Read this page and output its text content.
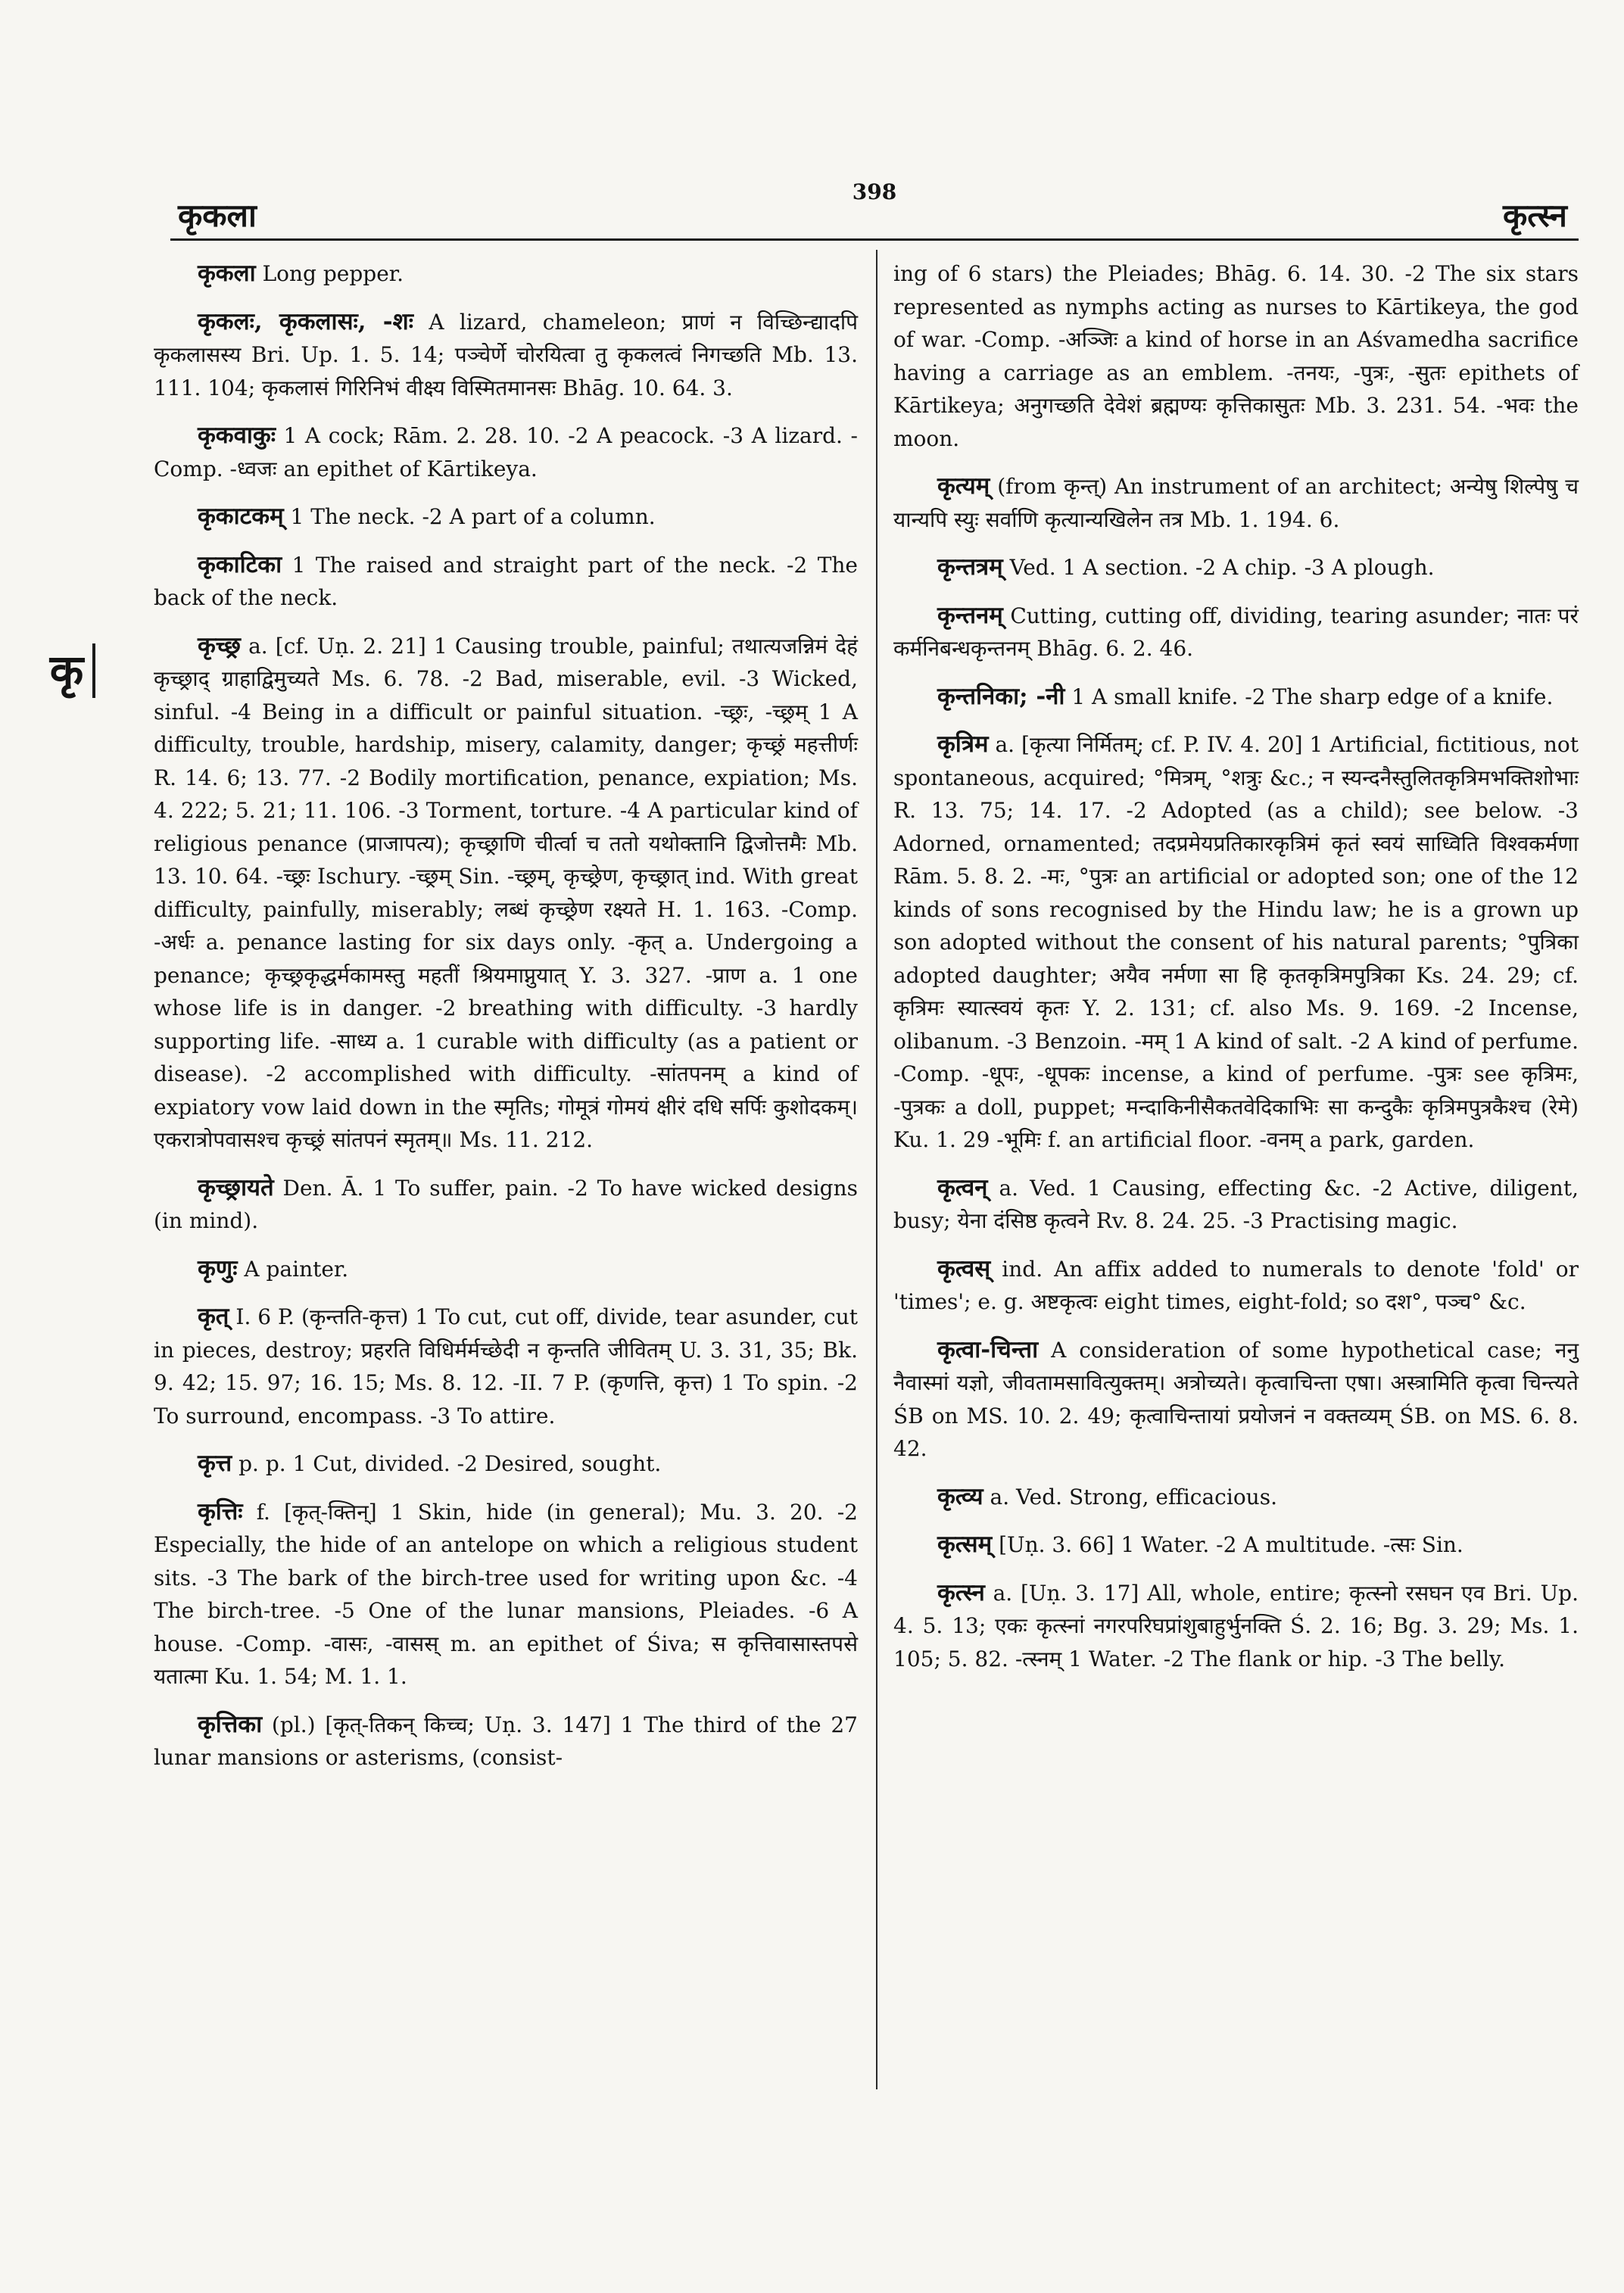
कृकला
398
कृत्स्न
कृ

कृकला Long pepper.

कृकलः, कृकलासः, -शः A lizard, chameleon; प्राणं न विच्छिन्द्यादपि कृकलासस्य Bri. Up. 1. 5. 14; पञ्चेर्णे चोरयित्वा तु कृकलत्वं निगच्छति Mb. 13. 111. 104; कृकलासं गिरिनिभं वीक्ष्य विस्मितमानसः Bhāg. 10. 64. 3.

कृकवाकुः 1 A cock; Rām. 2. 28. 10. -2 A peacock. -3 A lizard. -Comp. -ध्वजः an epithet of Kārtikeya.

कृकाटकम् 1 The neck. -2 A part of a column.

कृकाटिका 1 The raised and straight part of the neck. -2 The back of the neck.

कृच्छ्र a. [cf. Uṇ. 2. 21] 1 Causing trouble, painful; तथात्यजन्निमं देहं कृच्छ्राद् ग्राहाद्विमुच्यते Ms. 6. 78. -2 Bad, miserable, evil. -3 Wicked, sinful. -4 Being in a difficult or painful situation. -च्छ्रः, -च्छ्रम् 1 A difficulty, trouble, hardship, misery, calamity, danger; कृच्छ्रं महत्तीर्णः R. 14. 6; 13. 77. -2 Bodily mortification, penance, expiation; Ms. 4. 222; 5. 21; 11. 106. -3 Torment, torture. -4 A particular kind of religious penance (प्राजापत्य); कृच्छ्राणि चीर्त्वा च ततो यथोक्तानि द्विजोत्तमैः Mb. 13. 10. 64. -च्छ्रः Ischury. -च्छ्रम् Sin. -च्छ्रम्, कृच्छ्रेण, कृच्छ्रात् ind. With great difficulty, painfully, miserably; लब्धं कृच्छ्रेण रक्ष्यते H. 1. 163. -Comp. -अर्धः a. penance lasting for six days only. -कृत् a. Undergoing a penance; कृच्छ्रकृद्धर्मकामस्तु महतीं श्रियमाप्नुयात् Y. 3. 327. -प्राण a. 1 one whose life is in danger. -2 breathing with difficulty. -3 hardly supporting life. -साध्य a. 1 curable with difficulty (as a patient or disease). -2 accomplished with difficulty. -सांतपनम् a kind of expiatory vow laid down in the स्मृतिs; गोमूत्रं गोमयं क्षीरं दधि सर्पिः कुशोदकम्। एकरात्रोपवासश्च कृच्छ्रं सांतपनं स्मृतम्॥ Ms. 11. 212.

कृच्छ्रायते Den. Ā. 1 To suffer, pain. -2 To have wicked designs (in mind).

कृणुः A painter.

कृत् I. 6 P. (कृन्तति-कृत्त) 1 To cut, cut off, divide, tear asunder, cut in pieces, destroy; प्रहरति विधिर्मर्मच्छेदी न कृन्तति जीवितम् U. 3. 31, 35; Bk. 9. 42; 15. 97; 16. 15; Ms. 8. 12. -II. 7 P. (कृणत्ति, कृत्त) 1 To spin. -2 To surround, encompass. -3 To attire.

कृत्त p. p. 1 Cut, divided. -2 Desired, sought.

कृत्तिः f. [कृत्-क्तिन्] 1 Skin, hide (in general); Mu. 3. 20. -2 Especially, the hide of an antelope on which a religious student sits. -3 The bark of the birch-tree used for writing upon &c. -4 The birch-tree. -5 One of the lunar mansions, Pleiades. -6 A house. -Comp. -वासः, -वासस् m. an epithet of Śiva; स कृत्तिवासास्तपसे यतात्मा Ku. 1. 54; M. 1. 1.

कृत्तिका (pl.) [कृत्-तिकन् किच्च; Uṇ. 3. 147] 1 The third of the 27 lunar mansions or asterisms, (consist-

ing of 6 stars) the Pleiades; Bhāg. 6. 14. 30. -2 The six stars represented as nymphs acting as nurses to Kārtikeya, the god of war. -Comp. -अञ्जिः a kind of horse in an Aśvamedha sacrifice having a carriage as an emblem. -तनयः, -पुत्रः, -सुतः epithets of Kārtikeya; अनुगच्छति देवेशं ब्रह्मण्यः कृत्तिकासुतः Mb. 3. 231. 54. -भवः the moon.

कृत्यम् (from कृन्त्) An instrument of an architect; अन्येषु शिल्पेषु च यान्यपि स्युः सर्वाणि कृत्यान्यखिलेन तत्र Mb. 1. 194. 6.

कृन्तत्रम् Ved. 1 A section. -2 A chip. -3 A plough.

कृन्तनम् Cutting, cutting off, dividing, tearing asunder; नातः परं कर्मनिबन्धकृन्तनम् Bhāg. 6. 2. 46.

कृन्तनिका; -नी 1 A small knife. -2 The sharp edge of a knife.

कृत्रिम a. [कृत्या निर्मितम्; cf. P. IV. 4. 20] 1 Artificial, fictitious, not spontaneous, acquired; °मित्रम्, °शत्रुः &c.; न स्यन्दनैस्तुलितकृत्रिमभक्तिशोभाः R. 13. 75; 14. 17. -2 Adopted (as a child); see below. -3 Adorned, ornamented; तदप्रमेयप्रतिकारकृत्रिमं कृतं स्वयं साध्विति विश्वकर्मणा Rām. 5. 8. 2. -मः, °पुत्रः an artificial or adopted son; one of the 12 kinds of sons recognised by the Hindu law; he is a grown up son adopted without the consent of his natural parents; °पुत्रिका adopted daughter; अयैव नर्मणा सा हि कृतकृत्रिमपुत्रिका Ks. 24. 29; cf. कृत्रिमः स्यात्स्वयं कृतः Y. 2. 131; cf. also Ms. 9. 169. -2 Incense, olibanum. -3 Benzoin. -मम् 1 A kind of salt. -2 A kind of perfume. -Comp. -धूपः, -धूपकः incense, a kind of perfume. -पुत्रः see कृत्रिमः, -पुत्रकः a doll, puppet; मन्दाकिनीसैकतवेदिकाभिः सा कन्दुकैः कृत्रिमपुत्रकैश्च (रेमे) Ku. 1. 29 -भूमिः f. an artificial floor. -वनम् a park, garden.

कृत्वन् a. Ved. 1 Causing, effecting &c. -2 Active, diligent, busy; येना दंसिष्ठ कृत्वने Rv. 8. 24. 25. -3 Practising magic.

कृत्वस् ind. An affix added to numerals to denote 'fold' or 'times'; e. g. अष्टकृत्वः eight times, eight-fold; so दश°, पञ्च° &c.

कृत्वा-चिन्ता A consideration of some hypothetical case; ननु नैवास्मां यज्ञो, जीवतामसावित्युक्तम्। अत्रोच्यते। कृत्वाचिन्ता एषा। अस्त्रामिति कृत्वा चिन्त्यते ŚB on MS. 10. 2. 49; कृत्वाचिन्तायां प्रयोजनं न वक्तव्यम् ŚB. on MS. 6. 8. 42.

कृत्व्य a. Ved. Strong, efficacious.

कृत्सम् [Uṇ. 3. 66] 1 Water. -2 A multitude. -त्सः Sin.

कृत्स्न a. [Uṇ. 3. 17] All, whole, entire; कृत्स्नो रसघन एव Bri. Up. 4. 5. 13; एकः कृत्स्नां नगरपरिघप्रांशुबाहुर्भुनक्ति Ś. 2. 16; Bg. 3. 29; Ms. 1. 105; 5. 82. -त्स्नम् 1 Water. -2 The flank or hip. -3 The belly.
